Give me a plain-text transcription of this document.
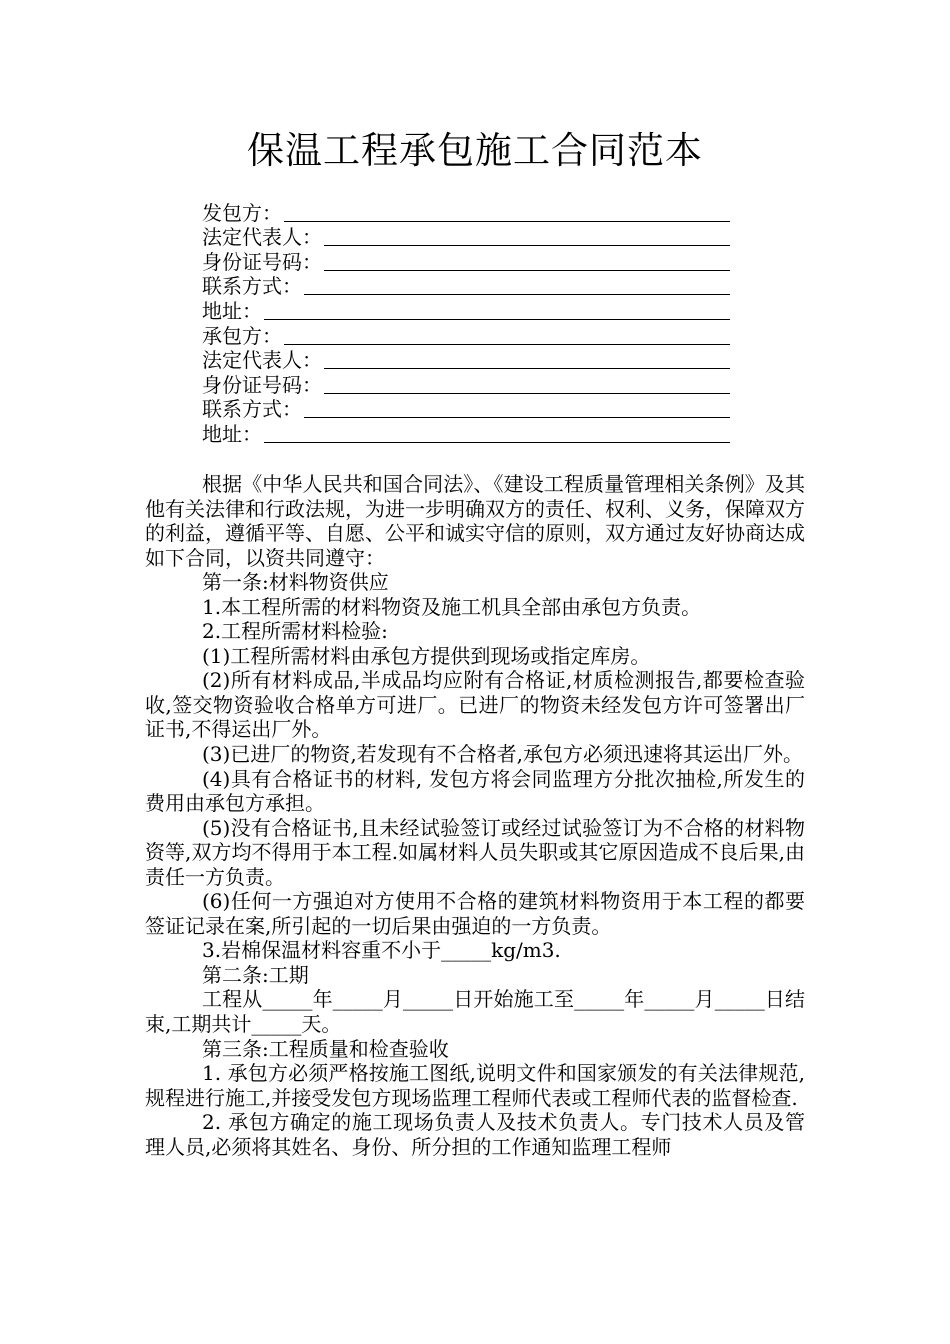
保温工程承包施工合同范本
发包方：
法定代表人：
身份证号码：
联系方式：
地址：
承包方：
法定代表人：
身份证号码：
联系方式：
地址：

根据《中华人民共和国合同法》、《建设工程质量管理相关条例》及其他有关法律和行政法规，为进一步明确双方的责任、权利、义务，保障双方的利益，遵循平等、自愿、公平和诚实守信的原则，双方通过友好协商达成如下合同，以资共同遵守：

第一条:材料物资供应

1.本工程所需的材料物资及施工机具全部由承包方负责。

2.工程所需材料检验:

(1)工程所需材料由承包方提供到现场或指定库房。

(2)所有材料成品,半成品均应附有合格证,材质检测报告,都要检查验收,签交物资验收合格单方可进厂。已进厂的物资未经发包方许可签署出厂证书,不得运出厂外。

(3)已进厂的物资,若发现有不合格者,承包方必须迅速将其运出厂外。

(4)具有合格证书的材料, 发包方将会同监理方分批次抽检,所发生的费用由承包方承担。

(5)没有合格证书,且未经试验签订或经过试验签订为不合格的材料物资等,双方均不得用于本工程.如属材料人员失职或其它原因造成不良后果,由责任一方负责。

(6)任何一方强迫对方使用不合格的建筑材料物资用于本工程的都要签证记录在案,所引起的一切后果由强迫的一方负责。

3.岩棉保温材料容重不小于_____kg/m3.

第二条:工期

工程从_____年_____月_____日开始施工至_____年_____月_____日结束,工期共计_____天。

第三条:工程质量和检查验收

1. 承包方必须严格按施工图纸,说明文件和国家颁发的有关法律规范,规程进行施工,并接受发包方现场监理工程师代表或工程师代表的监督检查.

2. 承包方确定的施工现场负责人及技术负责人。专门技术人员及管理人员,必须将其姓名、身份、所分担的工作通知监理工程师
